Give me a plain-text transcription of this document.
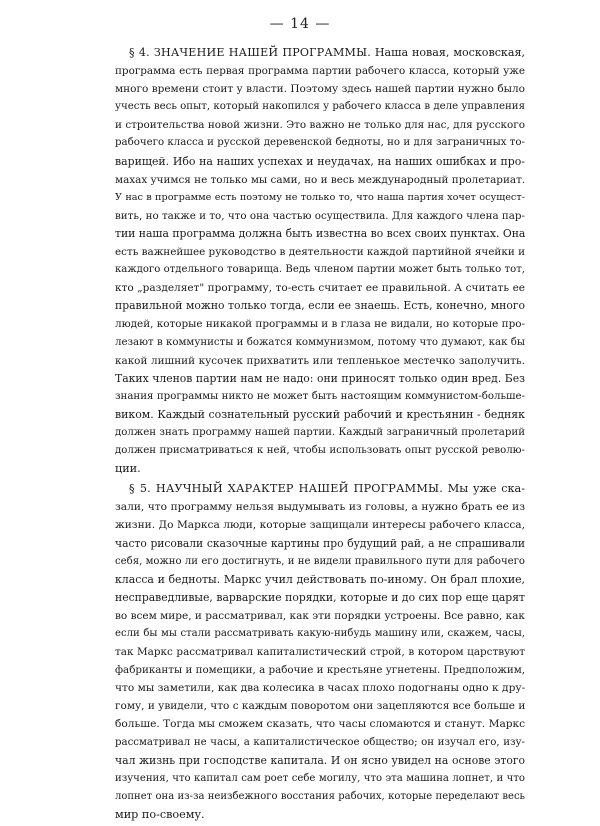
— 14 —
§ 4. ЗНАЧЕНИЕ НАШЕЙ ПРОГРАММЫ. Наша новая, московская,
программа есть первая программа партии рабочего класса, который уже
много времени стоит у власти. Поэтому здесь нашей партии нужно было
учесть весь опыт, который накопился у рабочего класса в деле управления
и строительства новой жизни. Это важно не только для нас, для русского
рабочего класса и русской деревенской бедноты, но и для заграничных то-
варищей. Ибо на наших успехах и неудачах, на наших ошибках и про-
махах учимся не только мы сами, но и весь международный пролетариат.
У нас в программе есть поэтому не только то, что наша партия хочет осущест-
вить, но также и то, что она частью осуществила. Для каждого члена пар-
тии наша программа должна быть известна во всех своих пунктах. Она
есть важнейшее руководство в деятельности каждой партийной ячейки и
каждого отдельного товарища. Ведь членом партии может быть только тот,
кто „разделяет" программу, то-есть считает ее правильной. А считать ее
правильной можно только тогда, если ее знаешь. Есть, конечно, много
людей, которые никакой программы и в глаза не видали, но которые про-
лезают в коммунисты и божатся коммунизмом, потому что думают, как бы
какой лишний кусочек прихватить или тепленькое местечко заполучить.
Таких членов партии нам не надо: они приносят только один вред. Без
знания программы никто не может быть настоящим коммунистом-больше-
виком. Каждый сознательный русский рабочий и крестьянин - бедняк
должен знать программу нашей партии. Каждый заграничный пролетарий
должен присматриваться к ней, чтобы использовать опыт русской револю-
ции.
§ 5. НАУЧНЫЙ ХАРАКТЕР НАШЕЙ ПРОГРАММЫ. Мы уже ска-
зали, что программу нельзя выдумывать из головы, а нужно брать ее из
жизни. До Маркса люди, которые защищали интересы рабочего класса,
часто рисовали сказочные картины про будущий рай, а не спрашивали
себя, можно ли его достигнуть, и не видели правильного пути для рабочего
класса и бедноты. Маркс учил действовать по-иному. Он брал плохие,
несправедливые, варварские порядки, которые и до сих пор еще царят
во всем мире, и рассматривал, как эти порядки устроены. Все равно, как
если бы мы стали рассматривать какую-нибудь машину или, скажем, часы,
так Маркс рассматривал капиталистический строй, в котором царствуют
фабриканты и помещики, а рабочие и крестьяне угнетены. Предположим,
что мы заметили, как два колесика в часах плохо подогнаны одно к дру-
гому, и увидели, что с каждым поворотом они зацепляются все больше и
больше. Тогда мы сможем сказать, что часы сломаются и станут. Маркс
рассматривал не часы, а капиталистическое общество; он изучал его, изу-
чал жизнь при господстве капитала. И он ясно увидел на основе этого
изучения, что капитал сам роет себе могилу, что эта машина лопнет, и что
лопнет она из-за неизбежного восстания рабочих, которые переделают весь
мир по-своему.
